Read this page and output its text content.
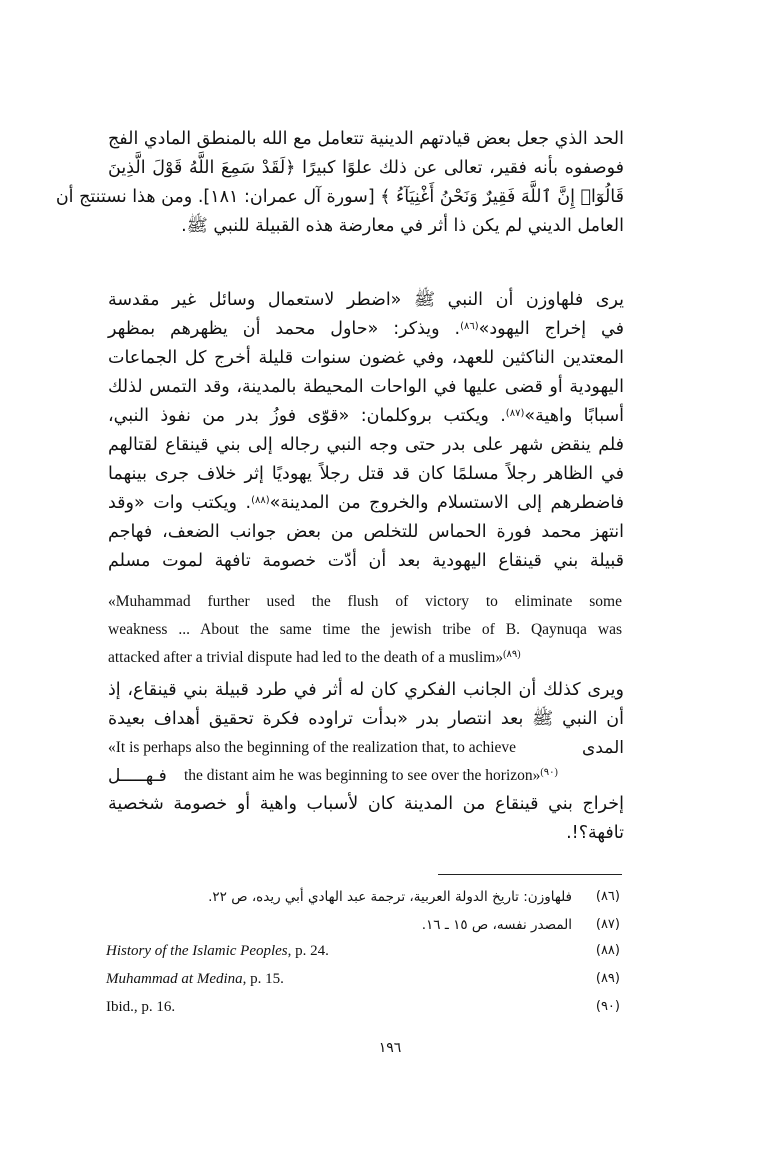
الحد الذي جعل بعض قيادتهم الدينية تتعامل مع الله بالمنطق المادي الفج
فوصفوه بأنه فقير، تعالى عن ذلك علوًا كبيرًا ﴿لَقَدْ سَمِعَ اللَّهُ قَوْلَ الَّذِينَ
قَالُوٓا۟ إِنَّ ٱللَّهَ فَقِيرٌ وَنَحْنُ أَغْنِيَآءُ ﴾ [سورة آل عمران: ١٨١]. ومن هذا نستنتج أن
العامل الديني لم يكن ذا أثر في معارضة هذه القبيلة للنبي ﷺ.
يرى فلهاوزن أن النبي ﷺ «اضطر لاستعمال وسائل غير مقدسة
في إخراج اليهود»$^{(٨٦)}$. ويذكر: «حاول محمد أن يظهرهم بمظهر
المعتدين الناكثين للعهد، وفي غضون سنوات قليلة أخرج كل الجماعات
اليهودية أو قضى عليها في الواحات المحيطة بالمدينة، وقد التمس لذلك
أسبابًا واهية»$^{(٨٧)}$. ويكتب بروكلمان: «قوّى فوزُ بدر من نفوذ النبي،
فلم ينقض شهر على بدر حتى وجه النبي رجاله إلى بني قينقاع لقتالهم
في الظاهر رجلاً مسلمًا كان قد قتل رجلاً يهوديًا إثر خلاف جرى بينهما
فاضطرهم إلى الاستسلام والخروج من المدينة»$^{(٨٨)}$. ويكتب وات «وقد
انتهز محمد فورة الحماس للتخلص من بعض جوانب الضعف، فهاجم
قبيلة بني قينقاع اليهودية بعد أن أدّت خصومة تافهة لموت مسلم
«Muhammad further used the flush of victory to eliminate some
weakness ... About the same time the jewish tribe of B. Qaynuqa was
attacked after a trivial dispute had led to the death of a muslim»$^{(٨٩)}$
ويرى كذلك أن الجانب الفكري كان له أثر في طرد قبيلة بني قينقاع، إذ
أن النبي ﷺ بعد انتصار بدر «بدأت تراوده فكرة تحقيق أهداف بعيدة
«It is perhaps also the beginning of the realization that, to achieve	المدى
the distant aim he was beginning to see over the horizon»$^{(٩٠)}$
فـهـــــل
إخراج بني قينقاع من المدينة كان لأسباب واهية أو خصومة شخصية
تافهة؟!.
(٨٦)
فلهاوزن: تاريخ الدولة العربية، ترجمة عبد الهادي أبي ريده، ص ٢٢.
(٨٧)
المصدر نفسه، ص ١٥ ـ ١٦.
(٨٨)
History of the Islamic Peoples, p. 24.
(٨٩)
Muhammad at Medina, p. 15.
(٩٠)
Ibid., p. 16.
١٩٦
